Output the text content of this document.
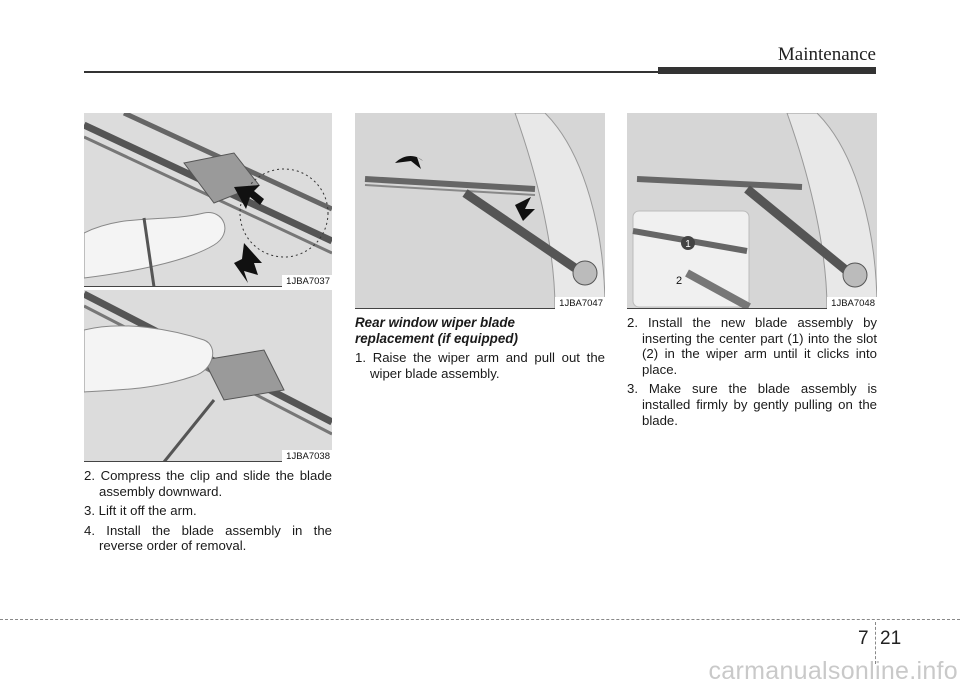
Maintenance
1JBA7037
1JBA7038
1JBA7047
1
2
1JBA7048

2. Compress the clip and slide the blade assembly downward.

3. Lift it off the arm.

4. Install the blade assembly in the reverse order of removal.

Rear window wiper blade
replacement (if equipped)

1. Raise the wiper arm and pull out the wiper blade assembly.

2. Install the new blade assembly by inserting the center part (1) into the slot (2) in the wiper arm until it clicks into place.

3. Make sure the blade assembly is installed firmly by gently pulling on the blade.

7 21
carmanualsonline.info
